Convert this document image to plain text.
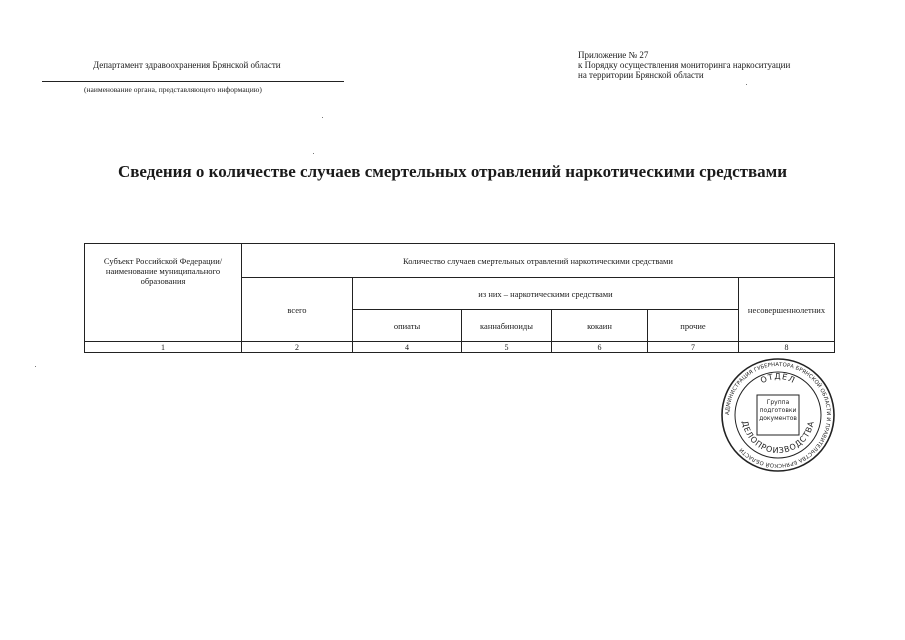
Департамент здравоохранения Брянской области
(наименование органа, представляющего информацию)
Приложение № 27
к Порядку осуществления мониторинга наркоситуации
на территории Брянской области
Сведения о количестве случаев смертельных отравлений наркотическими средствами
Субъект Российской Федерации/ наименование муниципального образования	Количество случаев смертельных отравлений наркотическими средствами					
	всего	из них – наркотическими средствами				несовершеннолетних
		опиаты	каннабиноиды	кокаин	прочие	
1	2	4	5	6	7	8
АДМИНИСТРАЦИЯ ГУБЕРНАТОРА БРЯНСКОЙ ОБЛАСТИ И ПРАВИТЕЛЬСТВА БРЯНСКОЙ ОБЛАСТИ
ОТДЕЛ
ДЕЛОПРОИЗВОДСТВА
Группа
подготовки
документов
